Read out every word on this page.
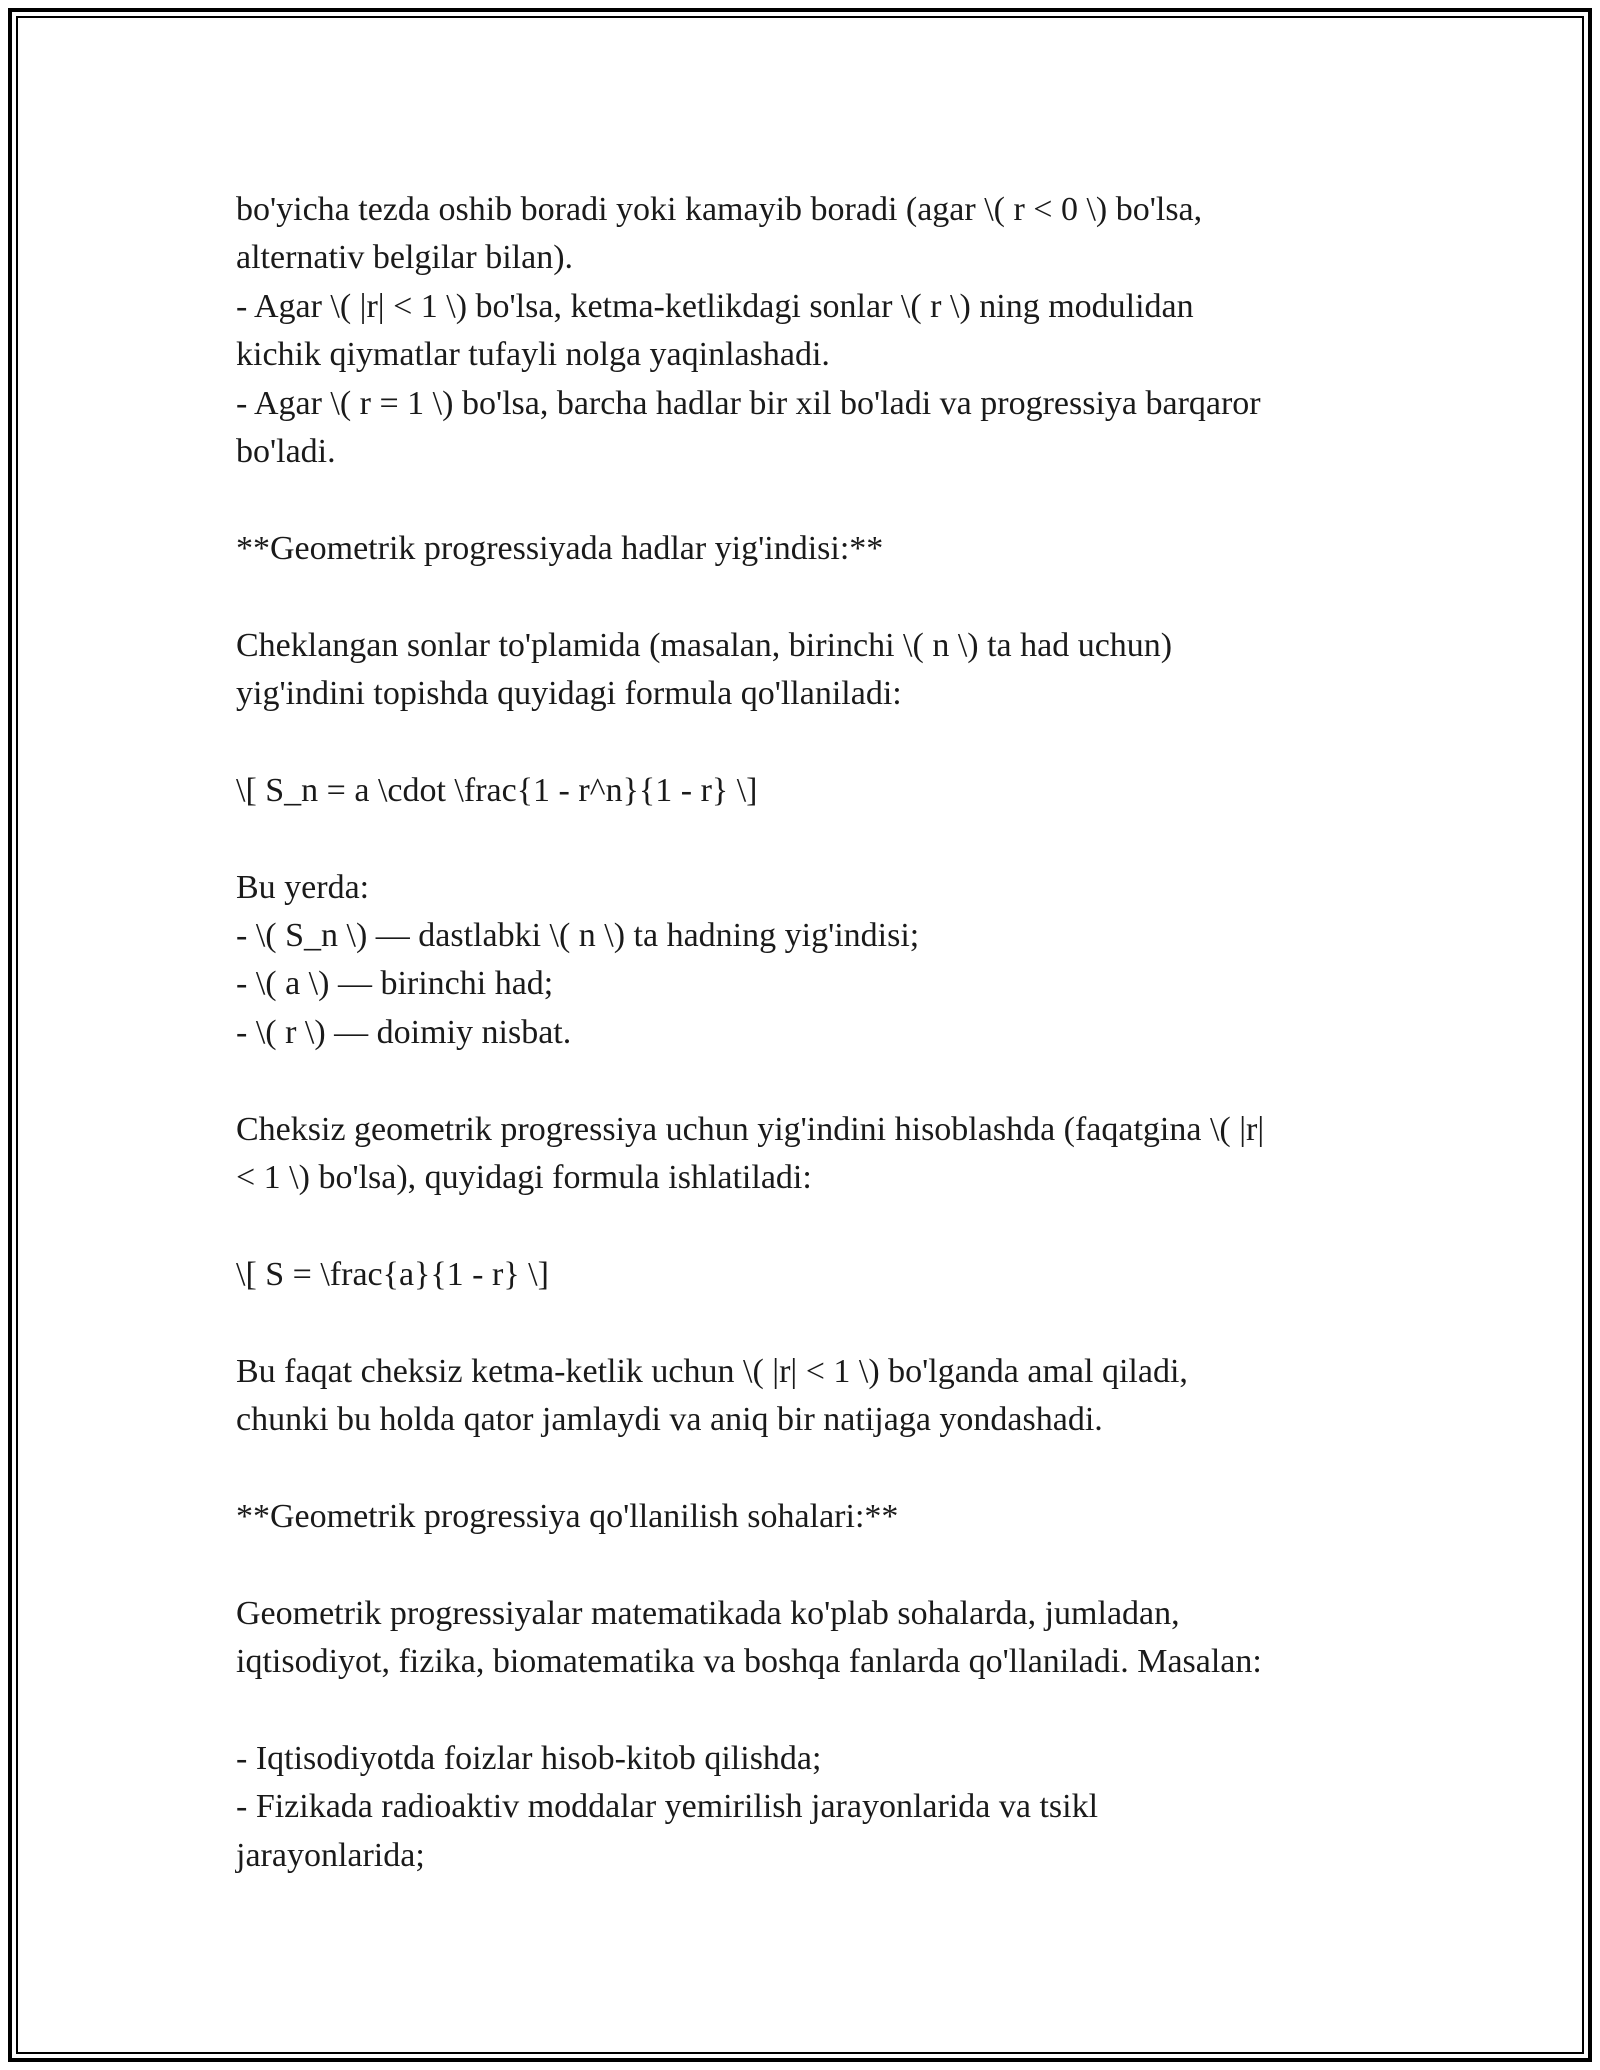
bo'yicha tezda oshib boradi yoki kamayib boradi (agar \( r < 0 \) bo'lsa,

alternativ belgilar bilan).

- Agar \( |r| < 1 \) bo'lsa, ketma-ketlikdagi sonlar \( r \) ning modulidan

kichik qiymatlar tufayli nolga yaqinlashadi.

- Agar \( r = 1 \) bo'lsa, barcha hadlar bir xil bo'ladi va progressiya barqaror

bo'ladi.

**Geometrik progressiyada hadlar yig'indisi:**

Cheklangan sonlar to'plamida (masalan, birinchi \( n \) ta had uchun)

yig'indini topishda quyidagi formula qo'llaniladi:

\[ S_n = a \cdot \frac{1 - r^n}{1 - r} \]

Bu yerda:

- \( S_n \) — dastlabki \( n \) ta hadning yig'indisi;

- \( a \) — birinchi had;

- \( r \) — doimiy nisbat.

Cheksiz geometrik progressiya uchun yig'indini hisoblashda (faqatgina \( |r|

< 1 \) bo'lsa), quyidagi formula ishlatiladi:

\[ S = \frac{a}{1 - r} \]

Bu faqat cheksiz ketma-ketlik uchun \( |r| < 1 \) bo'lganda amal qiladi,

chunki bu holda qator jamlaydi va aniq bir natijaga yondashadi.

**Geometrik progressiya qo'llanilish sohalari:**

Geometrik progressiyalar matematikada ko'plab sohalarda, jumladan,

iqtisodiyot, fizika, biomatematika va boshqa fanlarda qo'llaniladi. Masalan:

- Iqtisodiyotda foizlar hisob-kitob qilishda;

- Fizikada radioaktiv moddalar yemirilish jarayonlarida va tsikl

jarayonlarida;
